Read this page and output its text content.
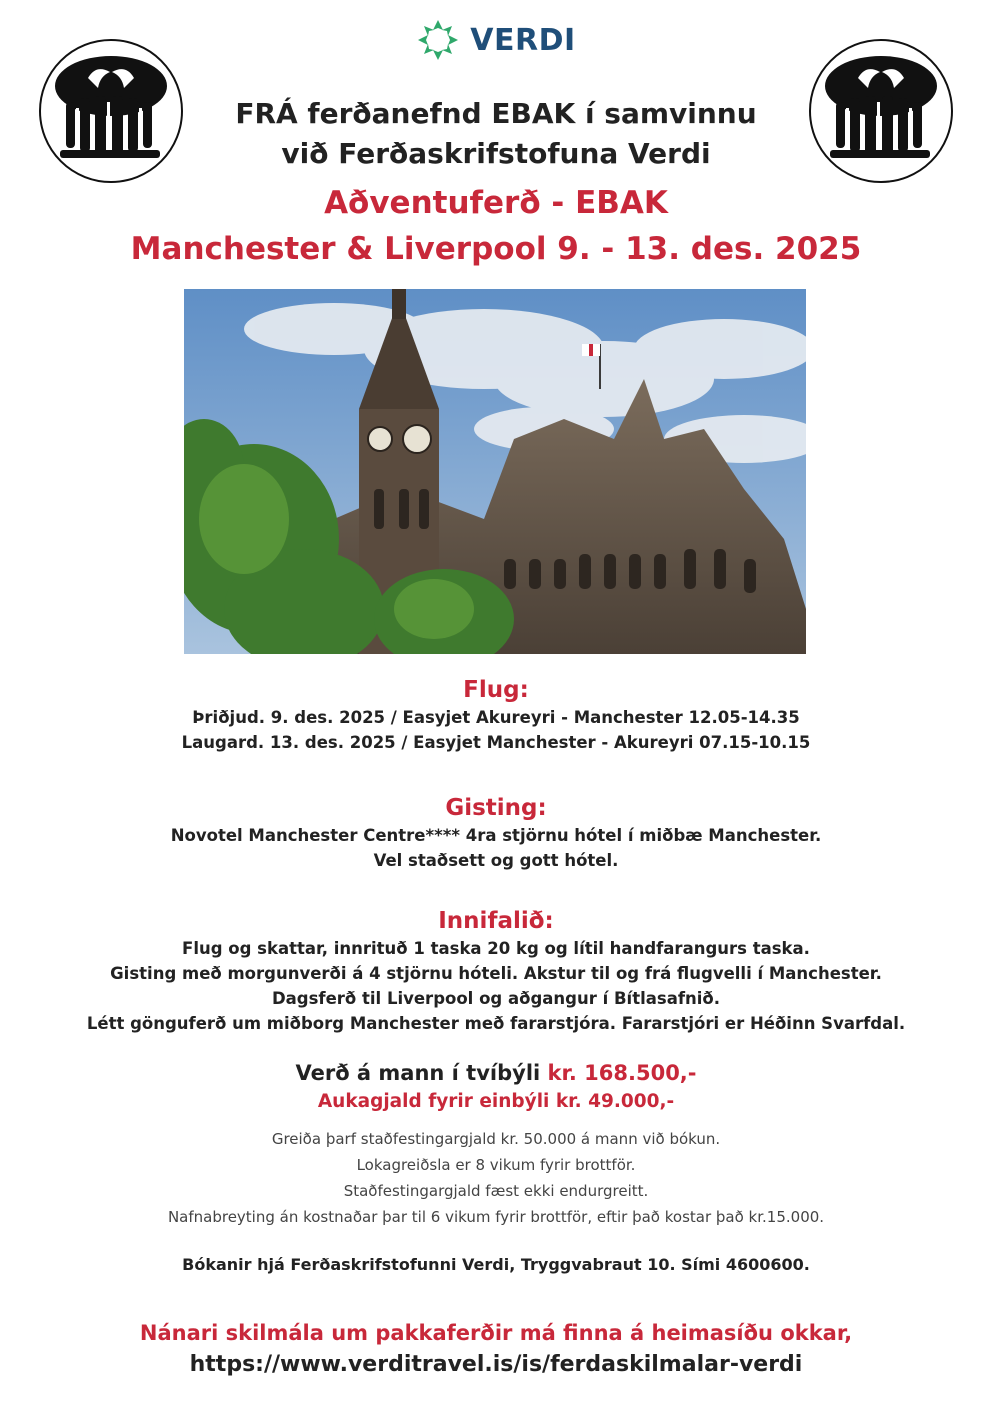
VERDI
FRÁ ferðanefnd EBAK í samvinnu
við Ferðaskrifstofuna Verdi
Aðventuferð - EBAK
Manchester & Liverpool 9. - 13. des. 2025
Flug:
Þriðjud. 9. des. 2025 / Easyjet Akureyri - Manchester 12.05-14.35
Laugard. 13. des. 2025 / Easyjet Manchester - Akureyri 07.15-10.15
Gisting:
Novotel Manchester Centre**** 4ra stjörnu hótel í miðbæ Manchester.
Vel staðsett og gott hótel.
Innifalið:
Flug og skattar, innrituð 1 taska 20 kg og lítil handfarangurs taska.
Gisting með morgunverði á 4 stjörnu hóteli. Akstur til og frá flugvelli í Manchester.
Dagsferð til Liverpool og aðgangur í Bítlasafnið.
Létt gönguferð um miðborg Manchester með fararstjóra. Fararstjóri er Héðinn Svarfdal.
Verð á mann í tvíbýli kr. 168.500,-
Aukagjald fyrir einbýli kr. 49.000,-
Greiða þarf staðfestingargjald kr. 50.000 á mann við bókun.
Lokagreiðsla er 8 vikum fyrir brottför.
Staðfestingargjald fæst ekki endurgreitt.
Nafnabreyting án kostnaðar þar til 6 vikum fyrir brottför, eftir það kostar það kr.15.000.
Bókanir hjá Ferðaskrifstofunni Verdi, Tryggvabraut 10. Sími 4600600.
Nánari skilmála um pakkaferðir má finna á heimasíðu okkar,
https://www.verditravel.is/is/ferdaskilmalar-verdi
